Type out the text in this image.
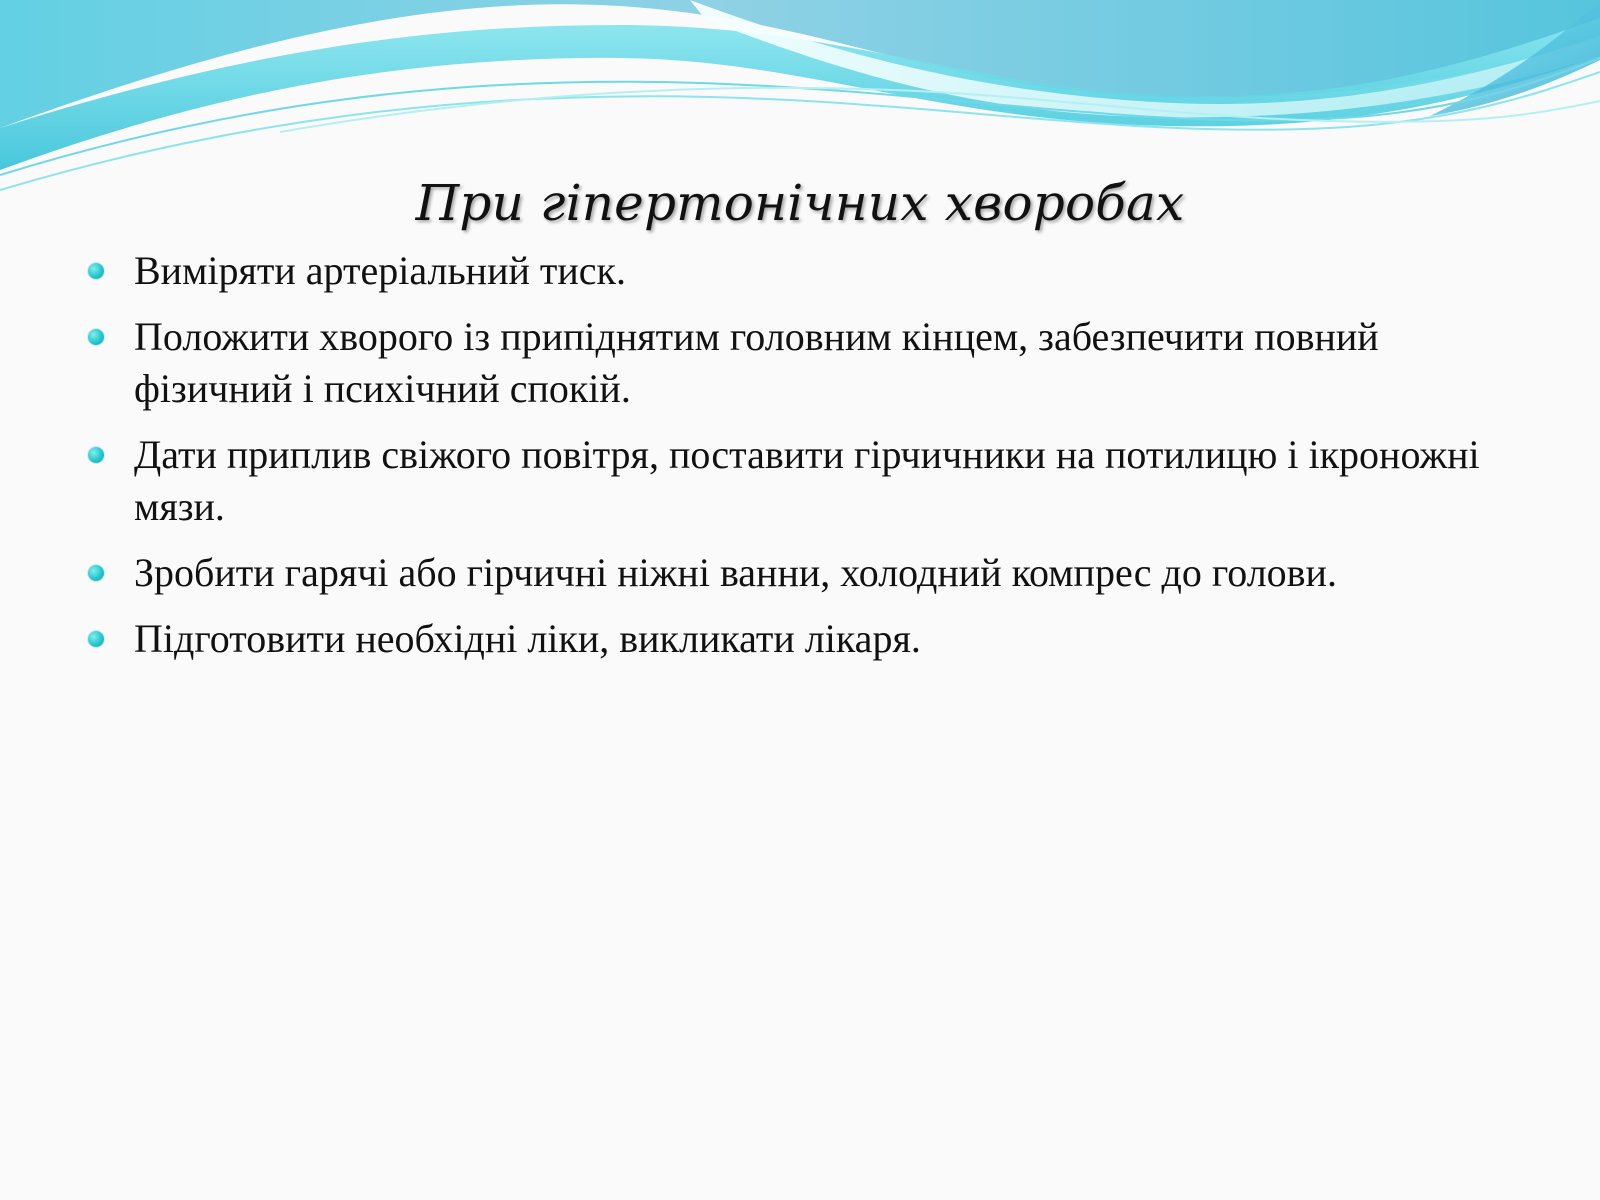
При гіпертонічних хворобах
Виміряти артеріальний тиск.
Положити хворого із припіднятим головним кінцем, забезпечити повний фізичний і психічний спокій.
Дати приплив свіжого повітря, поставити гірчичники на потилицю і ікроножні мязи.
Зробити гарячі або гірчичні ніжні ванни, холодний компрес до голови.
Підготовити необхідні ліки, викликати лікаря.
